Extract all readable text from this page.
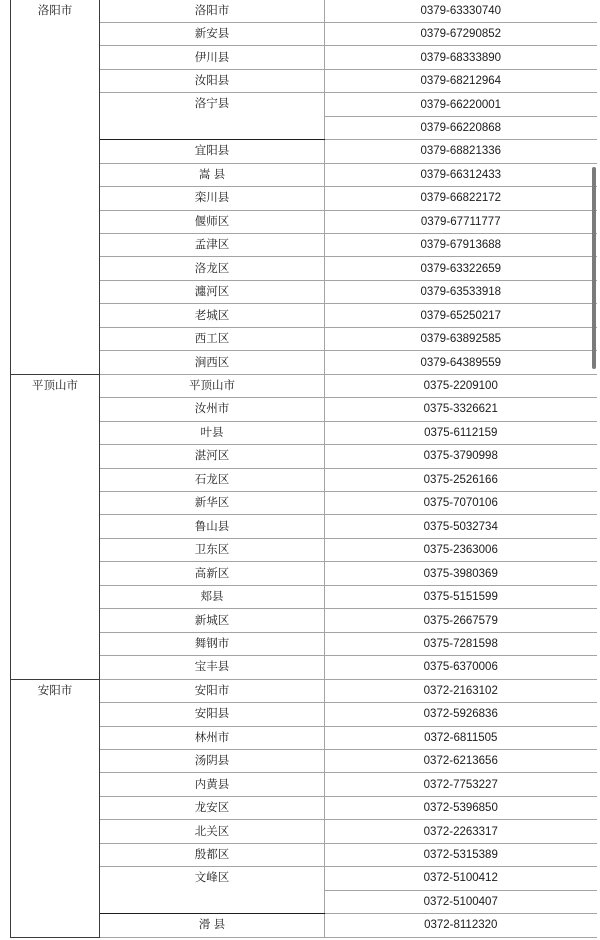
洛阳市	洛阳市	0379-63330740
	新安县	0379-67290852
	伊川县	0379-68333890
	汝阳县	0379-68212964

	洛宁县	0379-66220001
		0379-66220868
	宜阳县	0379-68821336
	嵩 县	0379-66312433
	栾川县	0379-66822172
	偃师区	0379-67711777
	孟津区	0379-67913688
	洛龙区	0379-63322659
	瀍河区	0379-63533918
	老城区	0379-65250217
	西工区	0379-63892585
	涧西区	0379-64389559

平顶山市	平顶山市	0375-2209100
	汝州市	0375-3326621
	叶县	0375-6112159
	湛河区	0375-3790998
	石龙区	0375-2526166
	新华区	0375-7070106
	鲁山县	0375-5032734
	卫东区	0375-2363006
	高新区	0375-3980369
	郏县	0375-5151599
	新城区	0375-2667579
	舞钢市	0375-7281598
	宝丰县	0375-6370006

安阳市	安阳市	0372-2163102
	安阳县	0372-5926836
	林州市	0372-6811505
	汤阴县	0372-6213656
	内黄县	0372-7753227
	龙安区	0372-5396850
	北关区	0372-2263317
	殷都区	0372-5315389

	文峰区	0372-5100412
		0372-5100407
	滑 县	0372-8112320
